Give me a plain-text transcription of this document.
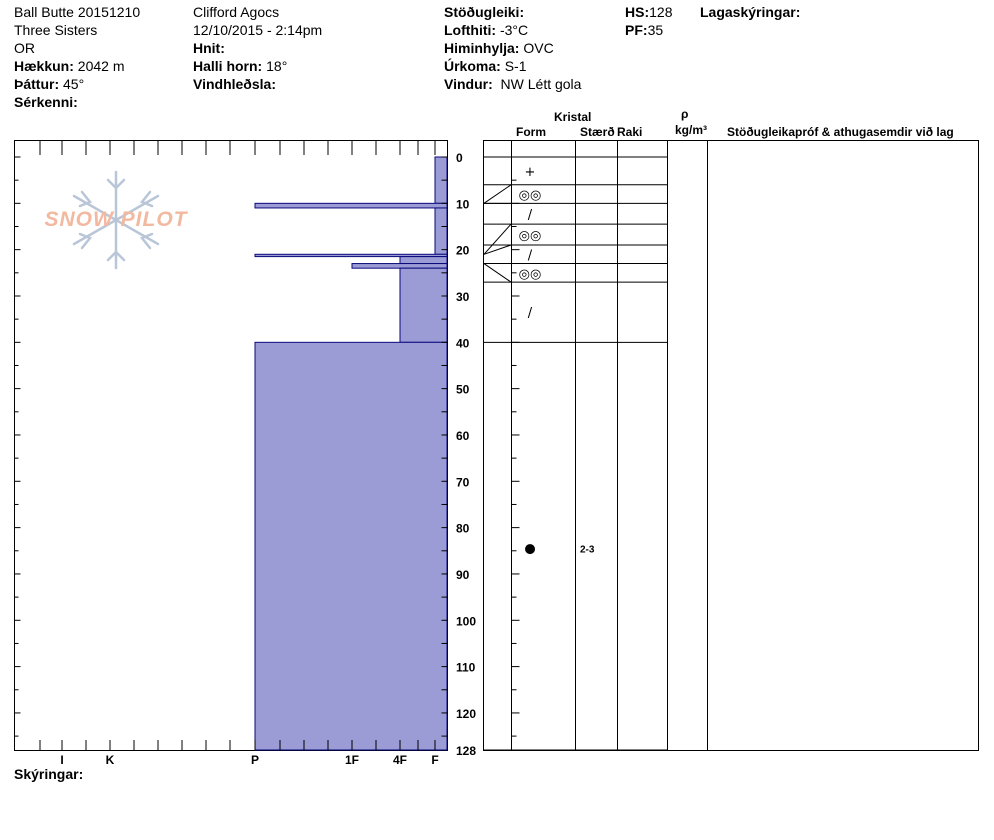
Ball Butte 20151210
Three Sisters
OR
Hækkun: 2042 m
Þáttur: 45°
Sérkenni:
Clifford Agocs
12/10/2015 - 2:14pm
Hnit:
Halli horn: 18°
Vindhleðsla:
Stöðugleiki:
Lofthiti: -3°C
Himinhylja: OVC
Úrkoma: S-1
Vindur: NW Létt gola
HS:128
PF:35
Lagaskýringar:
Kristal
Form	Stærð Raki
ρ
kg/m³ Stöðugleikapróf & athugasemdir við lag
Skýringar:
SNOW PILOT
0
10
20
30
40
50
60
70
80
90
100
110
120
128
I	K	P	1F	4F F
+
◎◎
/
◎◎
/
◎◎
/
●	2-3
